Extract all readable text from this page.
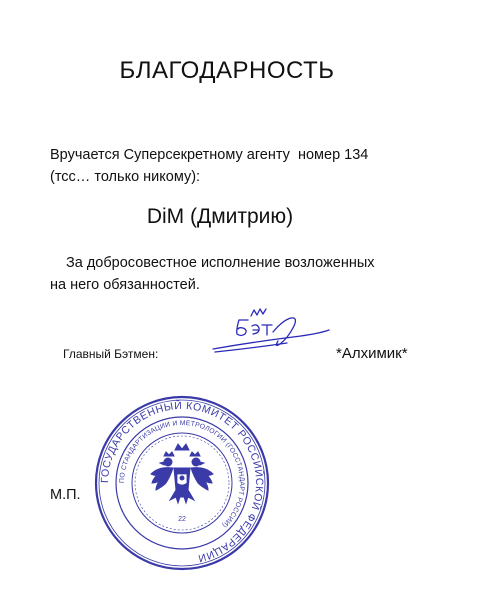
БЛАГОДАРНОСТЬ
Вручается Суперсекретному агенту  номер 134
(тсс… только никому):
DiM (Дмитрию)
За добросовестное исполнение возложенных
на него обязанностей.
Главный Бэтмен:	*Алхимик*
М.П.
ГОСУДАРСТВЕННЫЙ КОМИТЕТ РОССИЙСКОЙ ФЕДЕРАЦИИ
ПО СТАНДАРТИЗАЦИИ И МЕТРОЛОГИИ (ГОССТАНДАРТ РОССИИ)
22
